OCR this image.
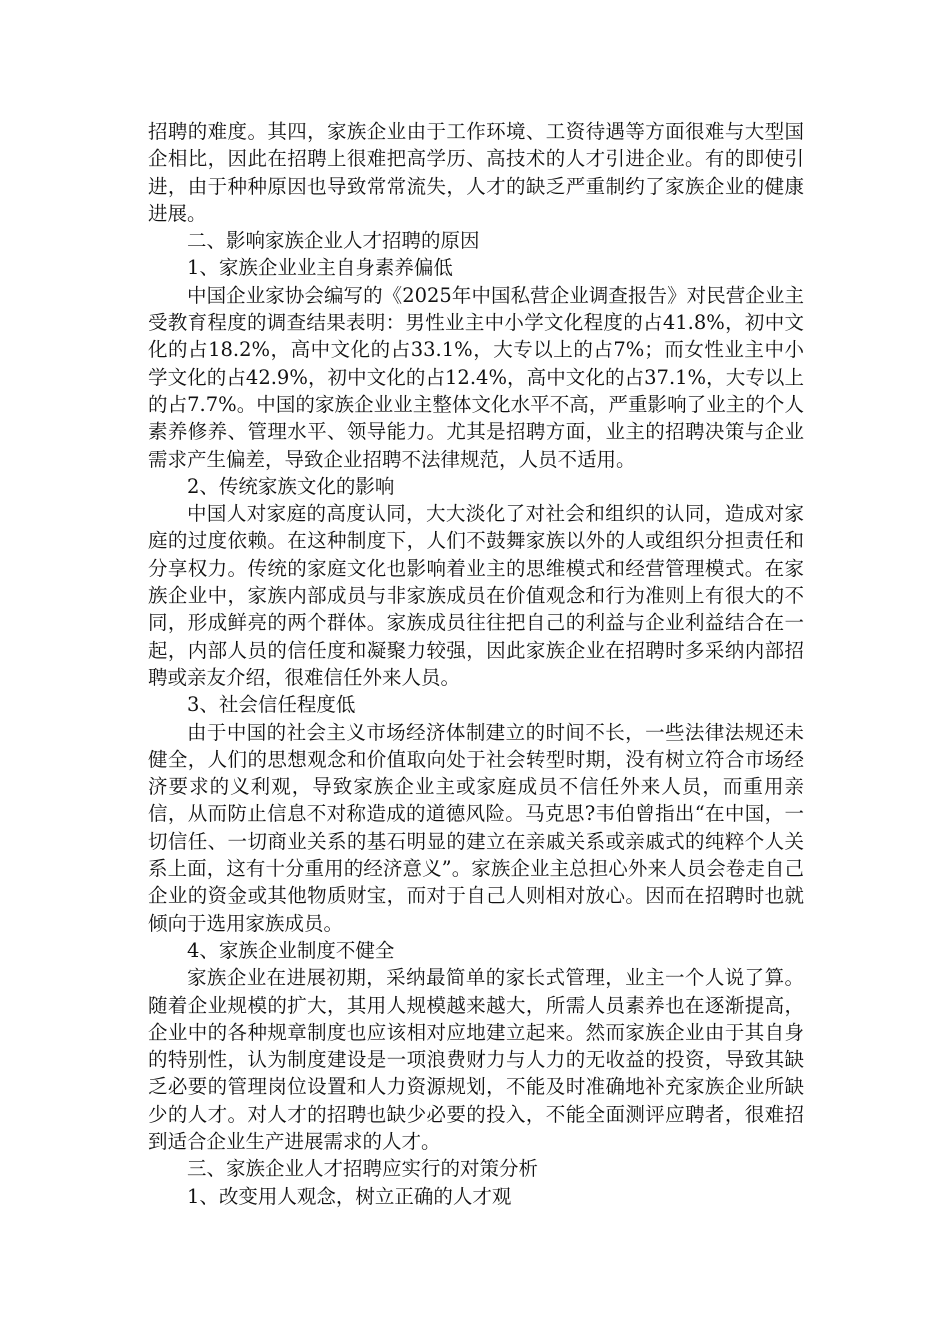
招聘的难度。其四，家族企业由于工作环境、工资待遇等方面很难与大型国企相比，因此在招聘上很难把高学历、高技术的人才引进企业。有的即使引进，由于种种原因也导致常常流失，人才的缺乏严重制约了家族企业的健康进展。

二、影响家族企业人才招聘的原因

1、家族企业业主自身素养偏低

中国企业家协会编写的《2025年中国私营企业调查报告》对民营企业主受教育程度的调查结果表明：男性业主中小学文化程度的占41.8%，初中文化的占18.2%，高中文化的占33.1%，大专以上的占7%；而女性业主中小学文化的占42.9%，初中文化的占12.4%，高中文化的占37.1%，大专以上的占7.7%。中国的家族企业业主整体文化水平不高，严重影响了业主的个人素养修养、管理水平、领导能力。尤其是招聘方面，业主的招聘决策与企业需求产生偏差，导致企业招聘不法律规范，人员不适用。

2、传统家族文化的影响

中国人对家庭的高度认同，大大淡化了对社会和组织的认同，造成对家庭的过度依赖。在这种制度下，人们不鼓舞家族以外的人或组织分担责任和分享权力。传统的家庭文化也影响着业主的思维模式和经营管理模式。在家族企业中，家族内部成员与非家族成员在价值观念和行为准则上有很大的不同，形成鲜亮的两个群体。家族成员往往把自己的利益与企业利益结合在一起，内部人员的信任度和凝聚力较强，因此家族企业在招聘时多采纳内部招聘或亲友介绍，很难信任外来人员。

3、社会信任程度低

由于中国的社会主义市场经济体制建立的时间不长，一些法律法规还未健全，人们的思想观念和价值取向处于社会转型时期，没有树立符合市场经济要求的义利观，导致家族企业主或家庭成员不信任外来人员，而重用亲信，从而防止信息不对称造成的道德风险。马克思?韦伯曾指出“在中国，一切信任、一切商业关系的基石明显的建立在亲戚关系或亲戚式的纯粹个人关系上面，这有十分重用的经济意义”。家族企业主总担心外来人员会卷走自己企业的资金或其他物质财宝，而对于自己人则相对放心。因而在招聘时也就倾向于选用家族成员。

4、家族企业制度不健全

家族企业在进展初期，采纳最简单的家长式管理，业主一个人说了算。随着企业规模的扩大，其用人规模越来越大，所需人员素养也在逐渐提高，企业中的各种规章制度也应该相对应地建立起来。然而家族企业由于其自身的特别性，认为制度建设是一项浪费财力与人力的无收益的投资，导致其缺乏必要的管理岗位设置和人力资源规划，不能及时准确地补充家族企业所缺少的人才。对人才的招聘也缺少必要的投入，不能全面测评应聘者，很难招到适合企业生产进展需求的人才。

三、家族企业人才招聘应实行的对策分析

1、改变用人观念，树立正确的人才观
